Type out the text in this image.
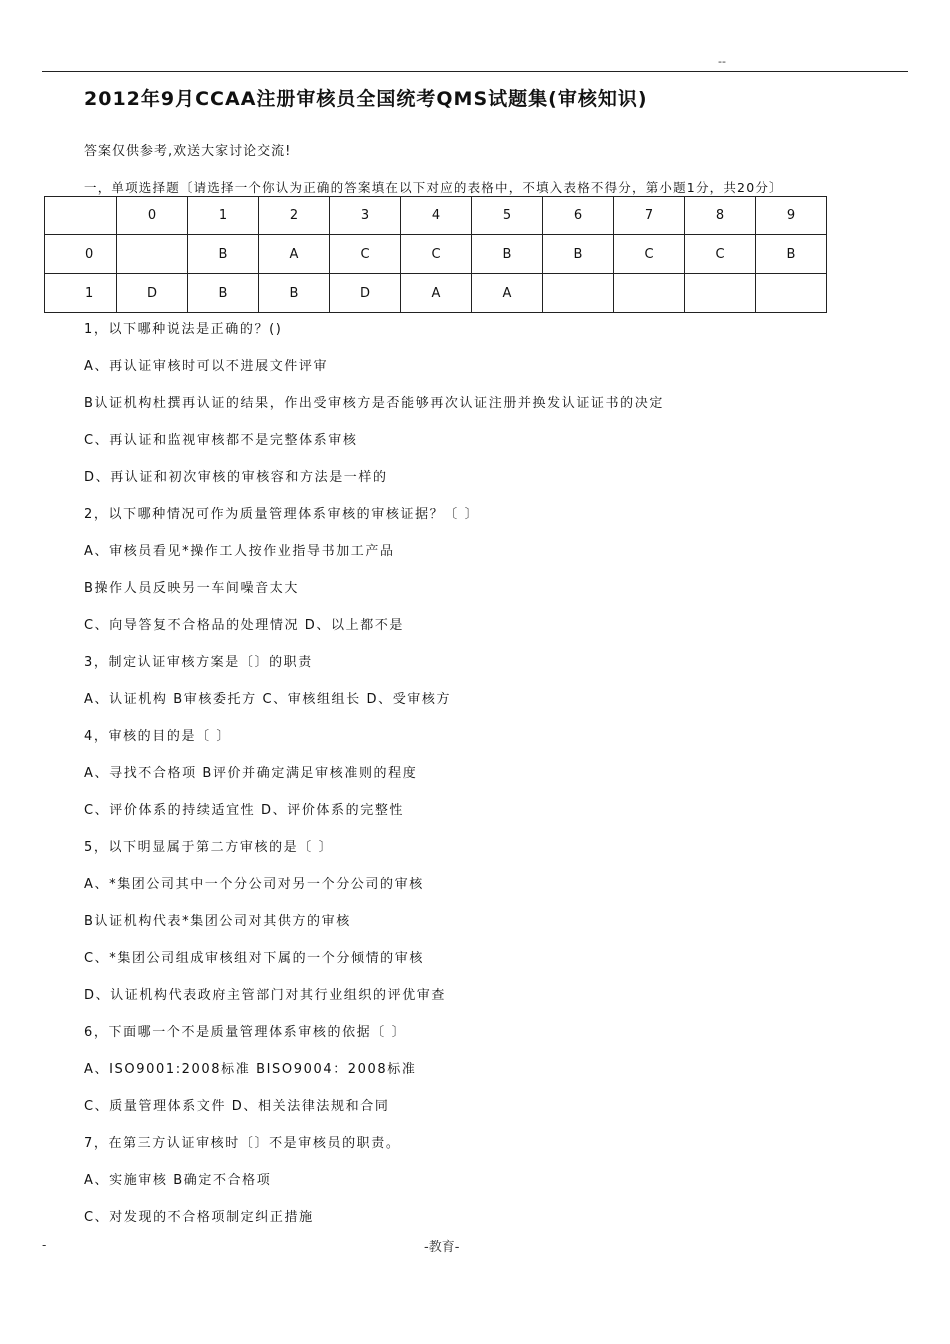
--
2012年9月CCAA注册审核员全国统考QMS试题集(审核知识)
答案仅供参考,欢送大家讨论交流!
一，单项选择题〔请选择一个你认为正确的答案填在以下对应的表格中，不填入表格不得分，第小题1分，共20分〕
	0	1	2	3	4	5	6	7	8	9
0		B	A	C	C	B	B	C	C	B
1	D	B	B	D	A	A				
1，以下哪种说法是正确的？()
A、再认证审核时可以不进展文件评审
B认证机构杜撰再认证的结果，作出受审核方是否能够再次认证注册并换发认证证书的决定
C、再认证和监视审核都不是完整体系审核
D、再认证和初次审核的审核容和方法是一样的
2，以下哪种情况可作为质量管理体系审核的审核证据？〔 〕
A、审核员看见*操作工人按作业指导书加工产品
B操作人员反映另一车间噪音太大
C、向导答复不合格品的处理情况 D、以上都不是
3，制定认证审核方案是〔〕的职责
A、认证机构 B审核委托方 C、审核组组长 D、受审核方
4，审核的目的是〔 〕
A、寻找不合格项 B评价并确定满足审核准则的程度
C、评价体系的持续适宜性 D、评价体系的完整性
5，以下明显属于第二方审核的是〔 〕
A、*集团公司其中一个分公司对另一个分公司的审核
B认证机构代表*集团公司对其供方的审核
C、*集团公司组成审核组对下属的一个分倾情的审核
D、认证机构代表政府主管部门对其行业组织的评优审查
6，下面哪一个不是质量管理体系审核的依据〔 〕
A、ISO9001:2008标准 BISO9004：2008标准
C、质量管理体系文件 D、相关法律法规和合同
7，在第三方认证审核时〔〕不是审核员的职责。
A、实施审核 B确定不合格项
C、对发现的不合格项制定纠正措施
-	-教育-
